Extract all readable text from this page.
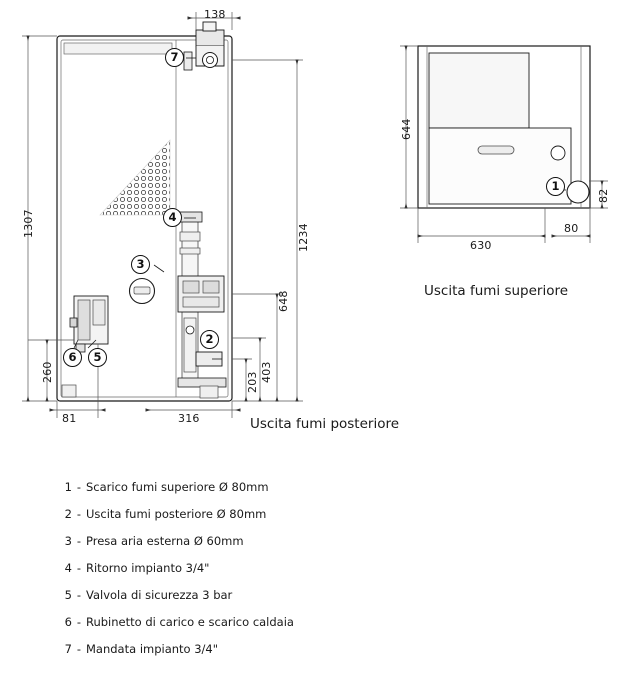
1307	1234
648
403
203
260
138
316
81
644
82
630
80
7
4
3
2
6	5
1
Uscita fumi posteriore
Uscita fumi superiore
1 - Scarico fumi superiore Ø 80mm
2 - Uscita fumi posteriore Ø 80mm
3 - Presa aria esterna Ø 60mm
4 - Ritorno impianto 3/4"
5 - Valvola di sicurezza 3 bar
6 - Rubinetto di carico e scarico caldaia
7 - Mandata impianto 3/4"
